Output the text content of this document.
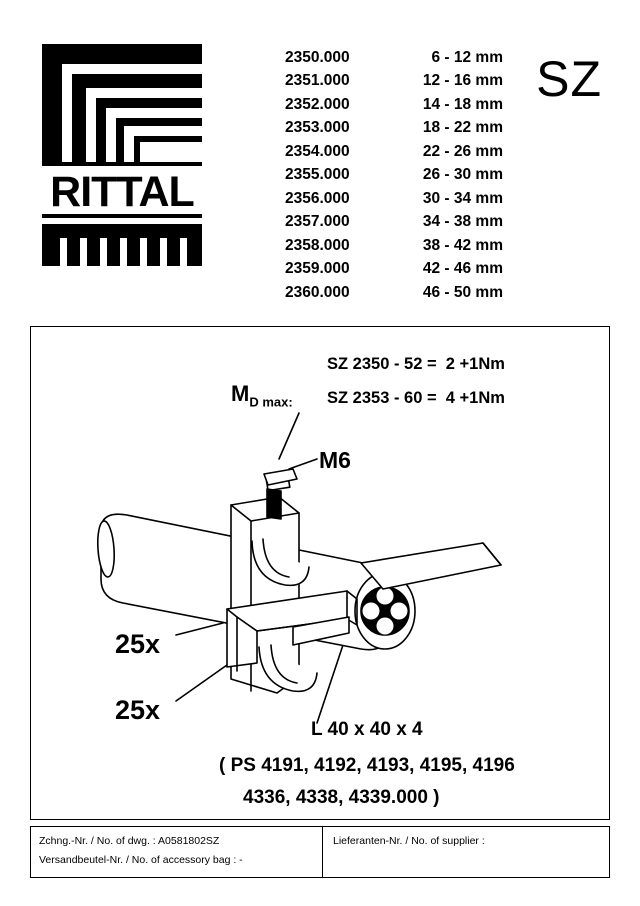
RITTAL
SZ
2350.000	6 - 12 mm
2351.000	12 - 16 mm
2352.000	14 - 18 mm
2353.000	18 - 22 mm
2354.000	22 - 26 mm
2355.000	26 - 30 mm
2356.000	30 - 34 mm
2357.000	34 - 38 mm
2358.000	38 - 42 mm
2359.000	42 - 46 mm
2360.000	46 - 50 mm
$M_{D max:}$
SZ 2350 - 52 =  2 +1Nm
SZ 2353 - 60 =  4 +1Nm
M6
25x
25x
L 40 x 40 x 4
( PS 4191, 4192, 4193, 4195, 4196
4336, 4338, 4339.000 )
Zchng.-Nr. / No. of dwg. : A0581802SZ
Versandbeutel-Nr. / No. of accessory bag : -
Lieferanten-Nr. / No. of supplier :
